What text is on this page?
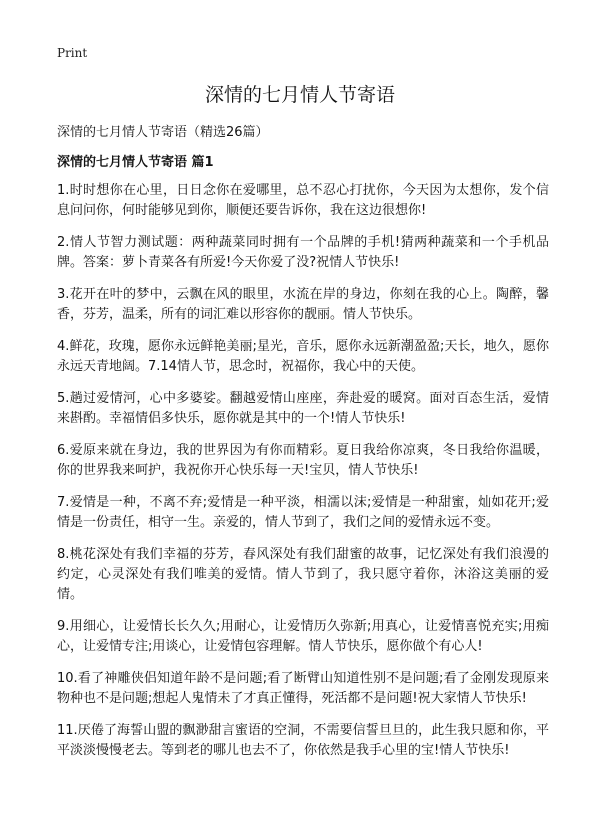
Print
深情的七月情人节寄语

深情的七月情人节寄语（精选26篇）

深情的七月情人节寄语 篇1

1.时时想你在心里，日日念你在爱哪里，总不忍心打扰你，今天因为太想你，发个信息问问你，何时能够见到你，顺便还要告诉你，我在这边很想你!

2.情人节智力测试题：两种蔬菜同时拥有一个品牌的手机!猜两种蔬菜和一个手机品牌。答案：萝卜青菜各有所爱!今天你爱了没?祝情人节快乐!

3.花开在叶的梦中，云飘在风的眼里，水流在岸的身边，你刻在我的心上。陶醉，馨香，芬芳，温柔，所有的词汇难以形容你的靓丽。情人节快乐。

4.鲜花，玫瑰，愿你永远鲜艳美丽;星光，音乐，愿你永远新潮盈盈;天长，地久，愿你永远天青地阔。7.14情人节，思念时，祝福你，我心中的天使。

5.趟过爱情河，心中多婆娑。翻越爱情山座座，奔赴爱的暖窝。面对百态生活，爱情来斟酌。幸福情侣多快乐，愿你就是其中的一个!情人节快乐!

6.爱原来就在身边，我的世界因为有你而精彩。夏日我给你凉爽，冬日我给你温暖，你的世界我来呵护，我祝你开心快乐每一天!宝贝，情人节快乐!

7.爱情是一种，不离不弃;爱情是一种平淡，相濡以沫;爱情是一种甜蜜，灿如花开;爱情是一份责任，相守一生。亲爱的，情人节到了，我们之间的爱情永远不变。

8.桃花深处有我们幸福的芬芳，春风深处有我们甜蜜的故事，记忆深处有我们浪漫的约定，心灵深处有我们唯美的爱情。情人节到了，我只愿守着你，沐浴这美丽的爱情。

9.用细心，让爱情长长久久;用耐心，让爱情历久弥新;用真心，让爱情喜悦充实;用痴心，让爱情专注;用谈心，让爱情包容理解。情人节快乐，愿你做个有心人!

10.看了神雕侠侣知道年龄不是问题;看了断臂山知道性别不是问题;看了金刚发现原来物种也不是问题;想起人鬼情未了才真正懂得，死活都不是问题!祝大家情人节快乐!

11.厌倦了海誓山盟的飘渺甜言蜜语的空洞，不需要信誓旦旦的，此生我只愿和你，平平淡淡慢慢老去。等到老的哪儿也去不了，你依然是我手心里的宝!情人节快乐!
